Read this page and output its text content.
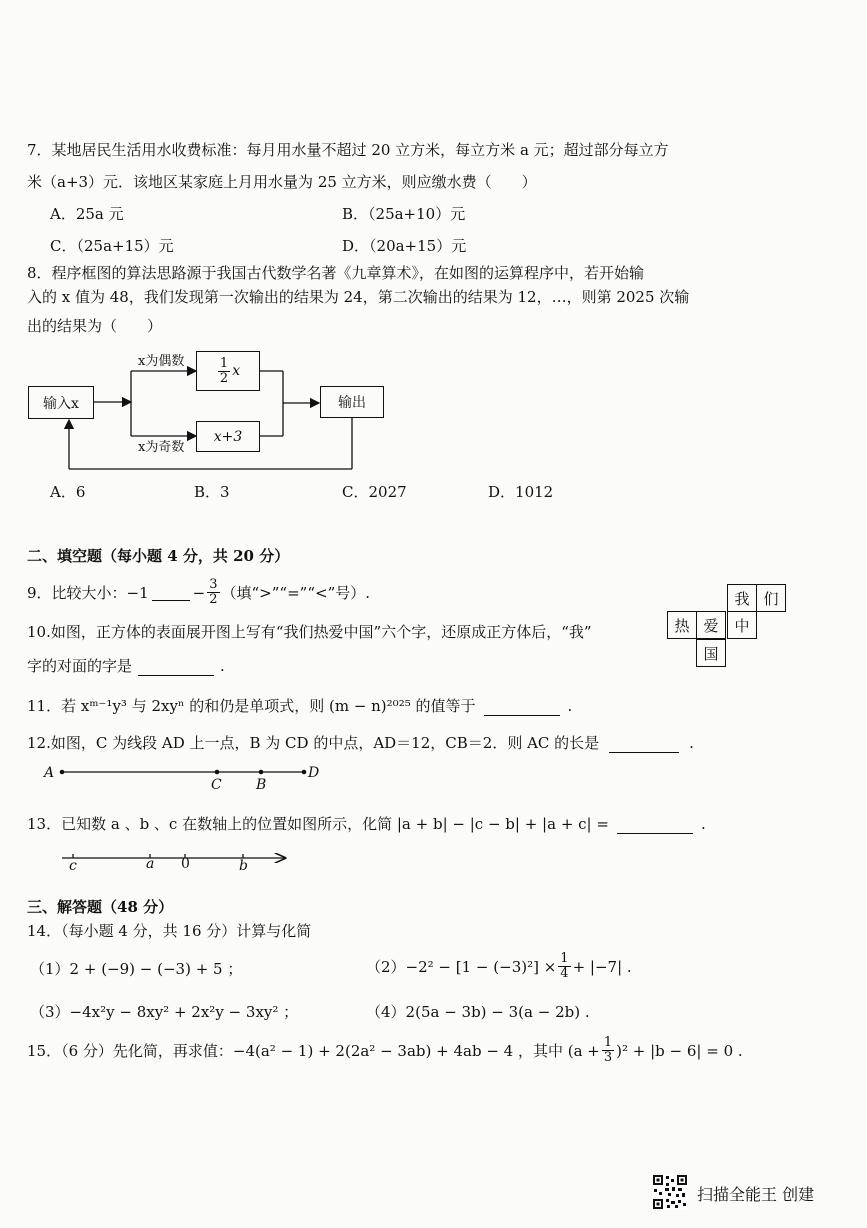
7．某地居民生活用水收费标准：每月用水量不超过 20 立方米，每立方米 a 元；超过部分每立方
米（a+3）元．该地区某家庭上月用水量为 25 立方米，则应缴水费（　　）
A．25a 元	B．（25a+10）元
C．（25a+15）元	D．（20a+15）元
8．程序框图的算法思路源于我国古代数学名著《九章算术》，在如图的运算程序中，若开始输
入的 x 值为 48，我们发现第一次输出的结果为 24，第二次输出的结果为 12，…，则第 2025 次输
出的结果为（　　）
输入x
x为偶数
x为奇数
$\frac{1}{2}$ x
x+3
输出
A．6	B．3	C．2027	D．1012
二、填空题（每小题 4 分，共 20 分）
9．比较大小：−1	− $\frac{3}{2}$ （填“>”“=”“<”号）.
10.如图，正方体的表面展开图上写有“我们热爱中国”六个字，还原成正方体后，“我”
字的对面的字是	.
我 们
热 爱	中
国
11．若 xᵐ⁻¹y³ 与 2xyⁿ 的和仍是单项式，则 (m − n)²⁰²⁵ 的值等于	.
12.如图，C 为线段 AD 上一点，B 为 CD 的中点，AD＝12，CB＝2．则 AC 的长是	.
A
C B
D
13．已知数 a 、b 、c 在数轴上的位置如图所示，化简 |a + b| − |c − b| + |a + c| =	.
c	a 0	b
三、解答题（48 分）
14．（每小题 4 分，共 16 分）计算与化简
（1）2 + (−9) − (−3) + 5 ；	$(2)-2^2 - [1 - (-3)^2] \times \frac{1}{4} + |-7|$ .
（3）−4x²y − 8xy² + 2x²y − 3xy² ；	（4）2(5a − 3b) − 3(a − 2b) .
15．（6 分）先化简，再求值：−4(a² − 1) + 2(2a² − 3ab) + 4ab − 4 ，其中 $(a + \frac{1}{3} )^2 + |b - 6| = 0$ .
扫描全能王 创建
